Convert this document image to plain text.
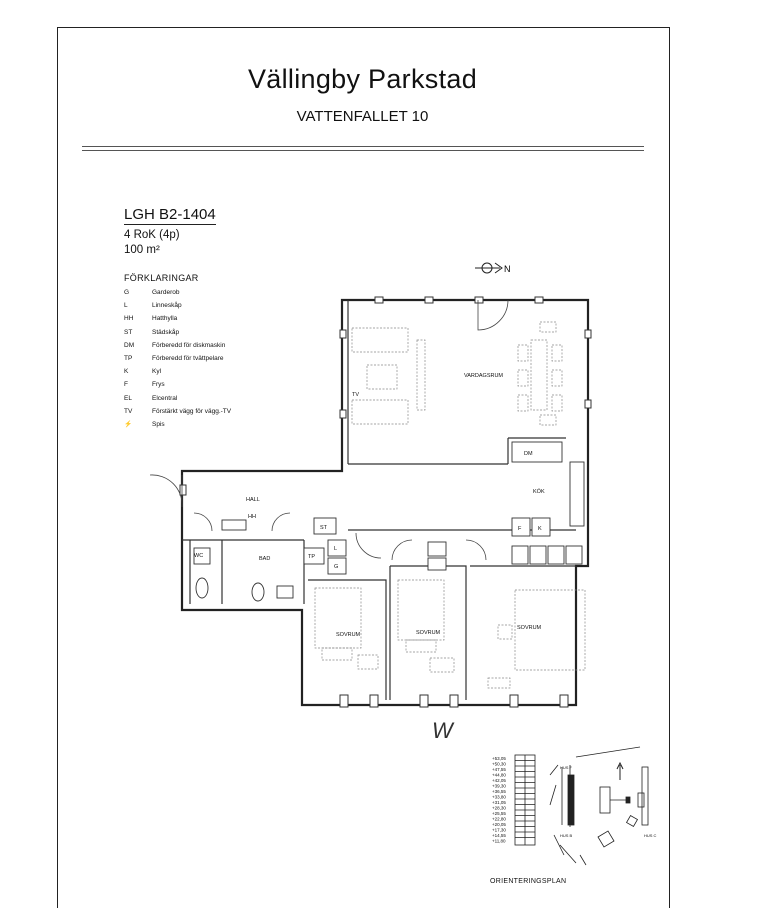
Vällingby Parkstad
VATTENFALLET 10
LGH B2-1404
4 RoK (4p)
100 m²
FÖRKLARINGAR
G	Garderob
L	Linneskåp
HH	Hatthylla
ST	Städskåp
DM	Förberedd för diskmaskin
TP	Förberedd för tvättpelare
K	Kyl
F	Frys
EL	Elcentral
TV	Förstärkt vägg för vägg.-TV
⚡	Spis
VARDAGSRUM
KÖK
HALL
BAD
WC
SOVRUM	SOVRUM
SOVRUM
ST
TP
DM
F	K
TV
HH
L
G
N
W
+53,05
+50,30
+47,55
+44,80
+42,05
+39,30
+36,55
+33,80
+31,05
+28,30
+25,55
+22,80
+20,05
+17,30
+14,55
+11,80
HUS B	HUS C
HUS F
ORIENTERINGSPLAN
